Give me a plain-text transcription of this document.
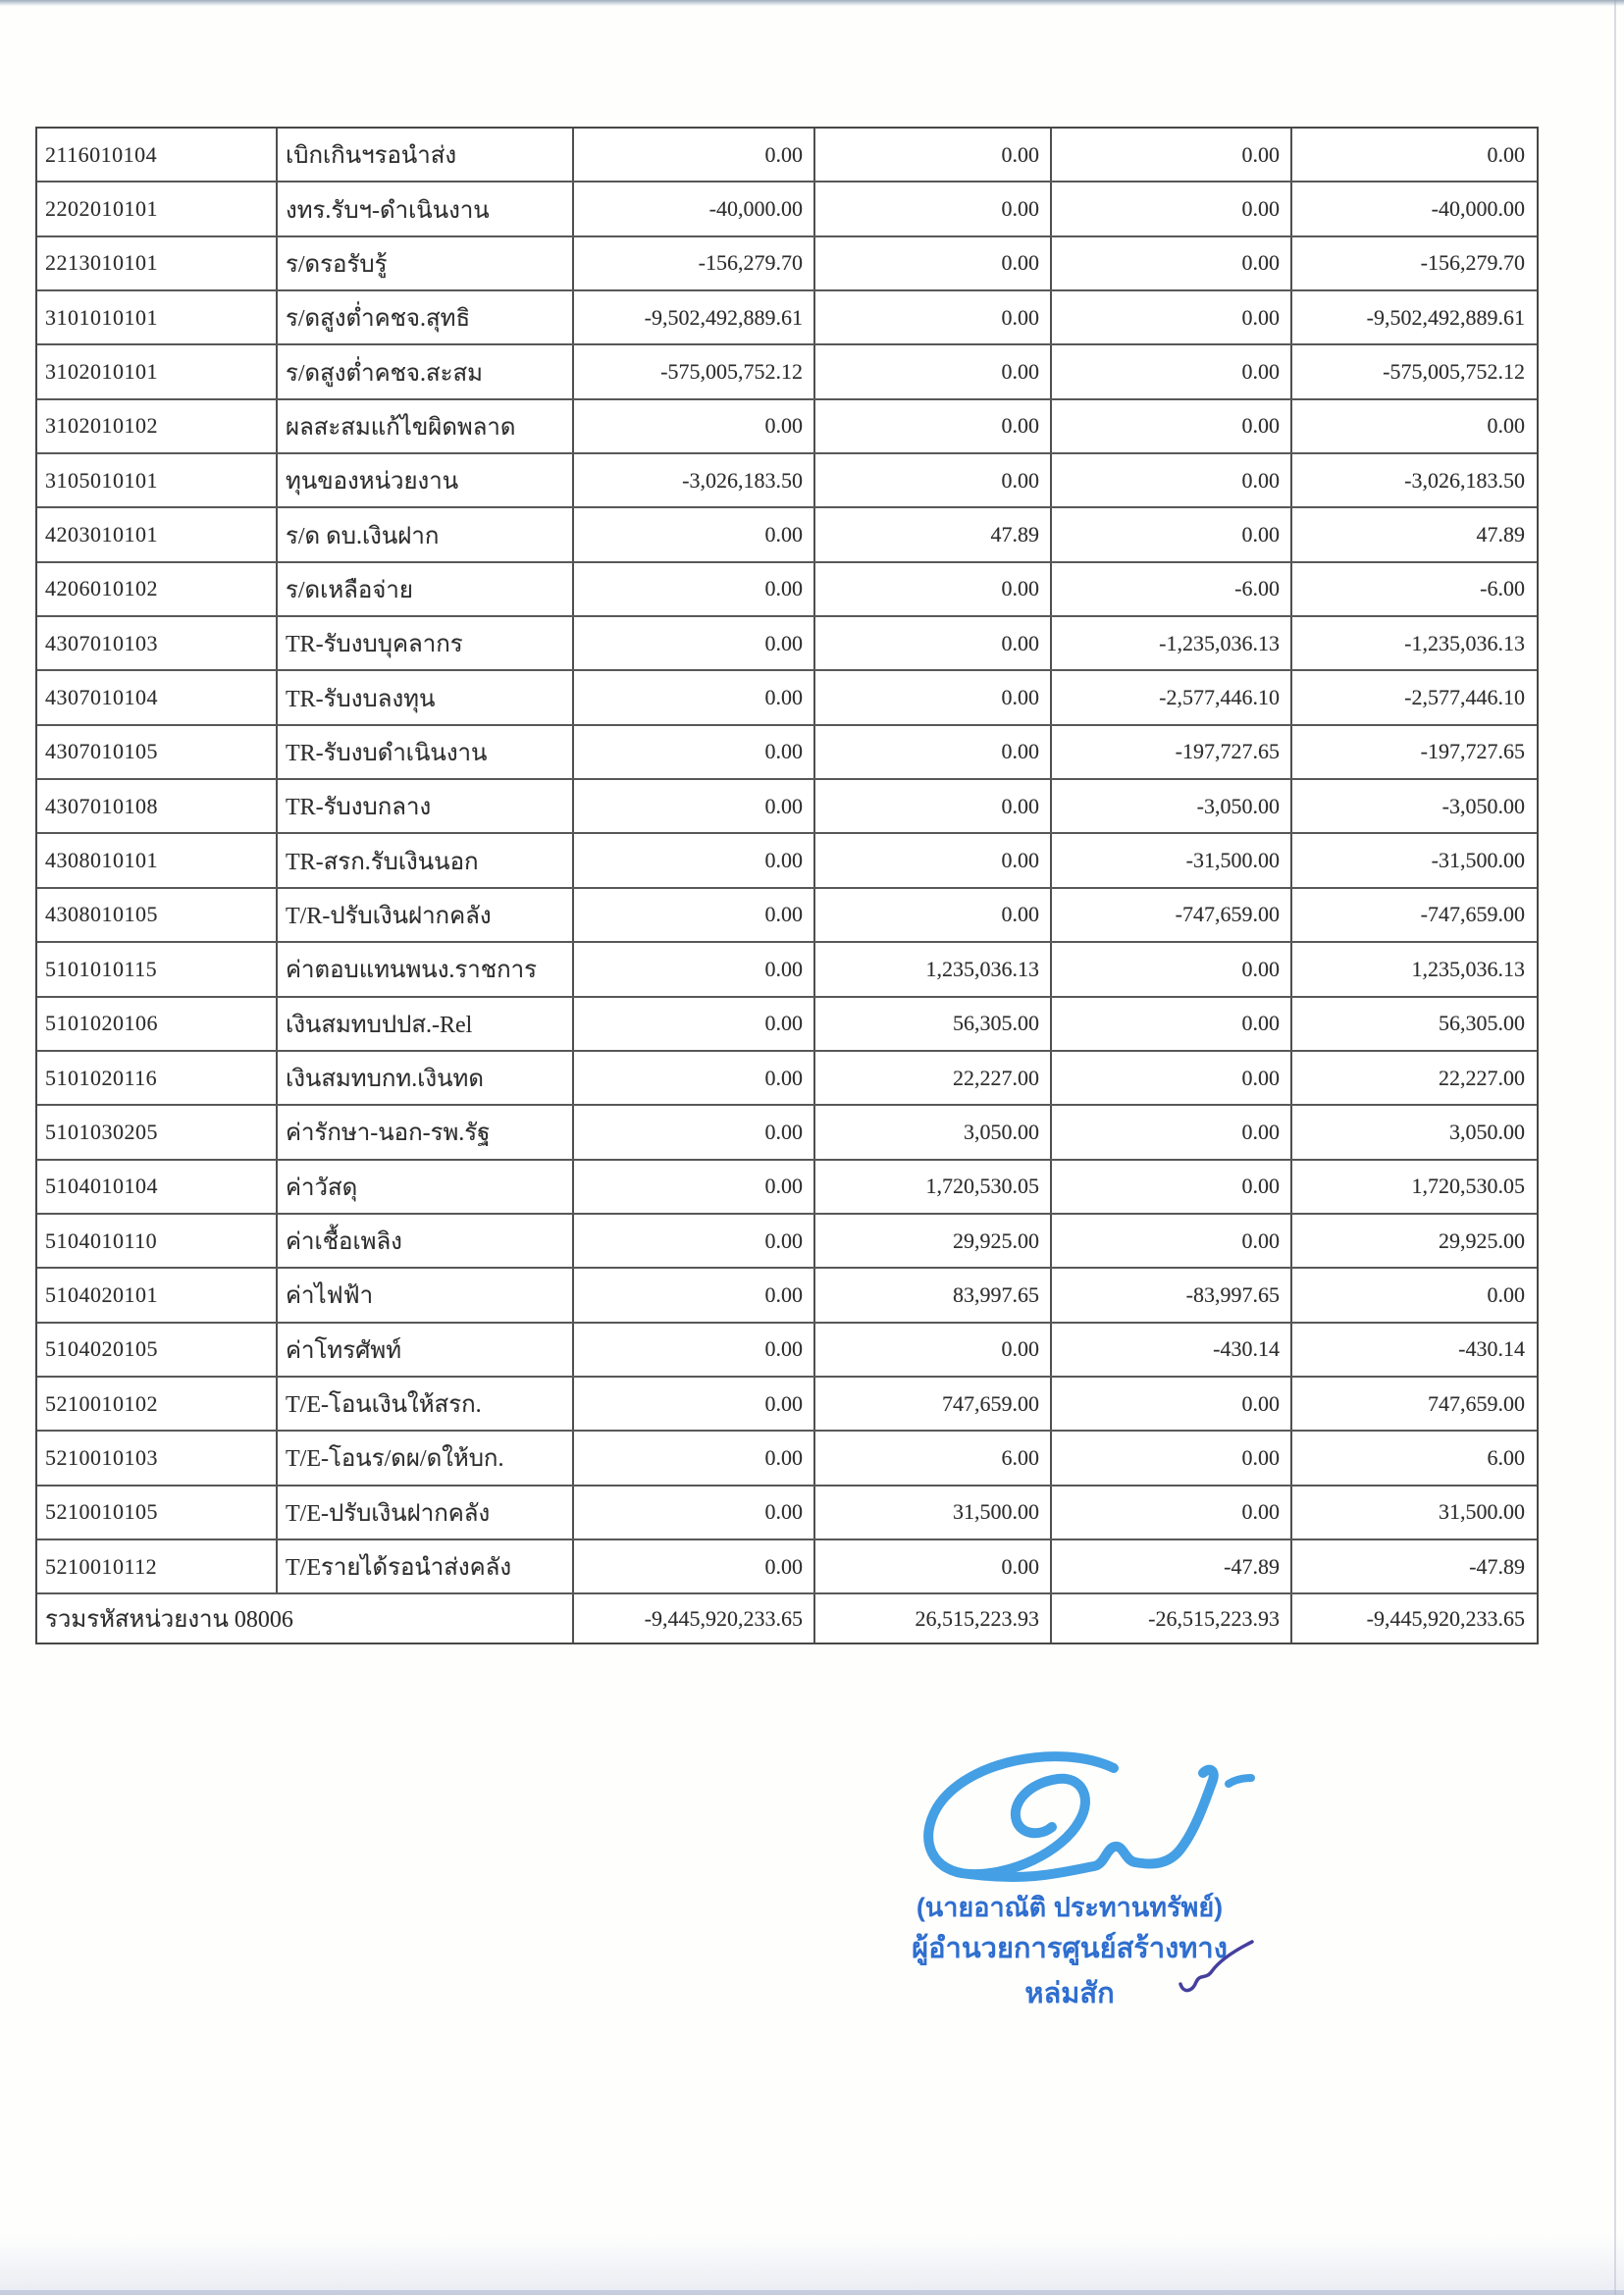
2116010104	เบิกเกินฯรอนำส่ง	0.00	0.00	0.00	0.00
2202010101	งทร.รับฯ-ดำเนินงาน	-40,000.00	0.00	0.00	-40,000.00
2213010101	ร/ดรอรับรู้	-156,279.70	0.00	0.00	-156,279.70
3101010101	ร/ดสูงต่ำคชจ.สุทธิ	-9,502,492,889.61	0.00	0.00	-9,502,492,889.61
3102010101	ร/ดสูงต่ำคชจ.สะสม	-575,005,752.12	0.00	0.00	-575,005,752.12
3102010102	ผลสะสมแก้ไขผิดพลาด	0.00	0.00	0.00	0.00
3105010101	ทุนของหน่วยงาน	-3,026,183.50	0.00	0.00	-3,026,183.50
4203010101	ร/ด ดบ.เงินฝาก	0.00	47.89	0.00	47.89
4206010102	ร/ดเหลือจ่าย	0.00	0.00	-6.00	-6.00
4307010103	TR-รับงบบุคลากร	0.00	0.00	-1,235,036.13	-1,235,036.13
4307010104	TR-รับงบลงทุน	0.00	0.00	-2,577,446.10	-2,577,446.10
4307010105	TR-รับงบดำเนินงาน	0.00	0.00	-197,727.65	-197,727.65
4307010108	TR-รับงบกลาง	0.00	0.00	-3,050.00	-3,050.00
4308010101	TR-สรก.รับเงินนอก	0.00	0.00	-31,500.00	-31,500.00
4308010105	T/R-ปรับเงินฝากคลัง	0.00	0.00	-747,659.00	-747,659.00
5101010115	ค่าตอบแทนพนง.ราชการ	0.00	1,235,036.13	0.00	1,235,036.13
5101020106	เงินสมทบปปส.-Rel	0.00	56,305.00	0.00	56,305.00
5101020116	เงินสมทบกท.เงินทด	0.00	22,227.00	0.00	22,227.00
5101030205	ค่ารักษา-นอก-รพ.รัฐ	0.00	3,050.00	0.00	3,050.00
5104010104	ค่าวัสดุ	0.00	1,720,530.05	0.00	1,720,530.05
5104010110	ค่าเชื้อเพลิง	0.00	29,925.00	0.00	29,925.00
5104020101	ค่าไฟฟ้า	0.00	83,997.65	-83,997.65	0.00
5104020105	ค่าโทรศัพท์	0.00	0.00	-430.14	-430.14
5210010102	T/E-โอนเงินให้สรก.	0.00	747,659.00	0.00	747,659.00
5210010103	T/E-โอนร/ดผ/ดให้บก.	0.00	6.00	0.00	6.00
5210010105	T/E-ปรับเงินฝากคลัง	0.00	31,500.00	0.00	31,500.00
5210010112	T/Eรายได้รอนำส่งคลัง	0.00	0.00	-47.89	-47.89
รวมรหัสหน่วยงาน 08006	-9,445,920,233.65	26,515,223.93	-26,515,223.93	-9,445,920,233.65
(นายอาณัติ ประทานทรัพย์)
ผู้อำนวยการศูนย์สร้างทางหล่มสัก
